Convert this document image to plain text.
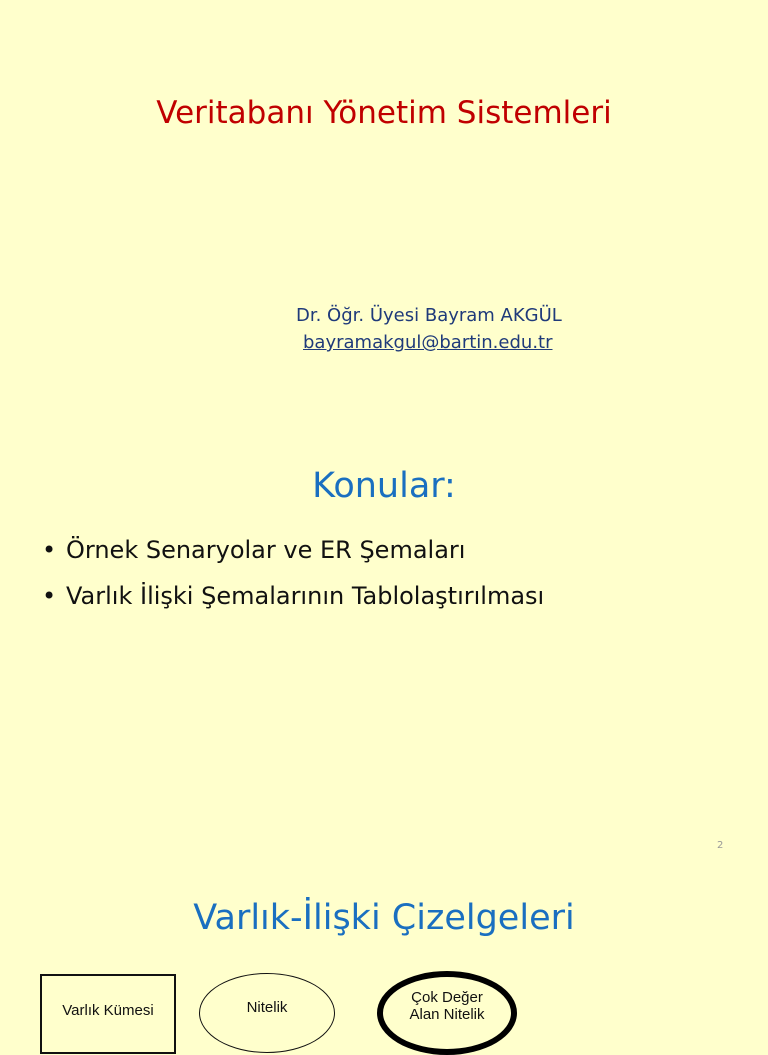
Veritabanı Yönetim Sistemleri
Dr. Öğr. Üyesi Bayram AKGÜL
bayramakgul@bartin.edu.tr
Konular:
• Örnek Senaryolar ve ER Şemaları
• Varlık İlişki Şemalarının Tablolaştırılması
2
Varlık-İlişki Çizelgeleri
Varlık Kümesi	Nitelik
Çok Değer
Alan Nitelik
